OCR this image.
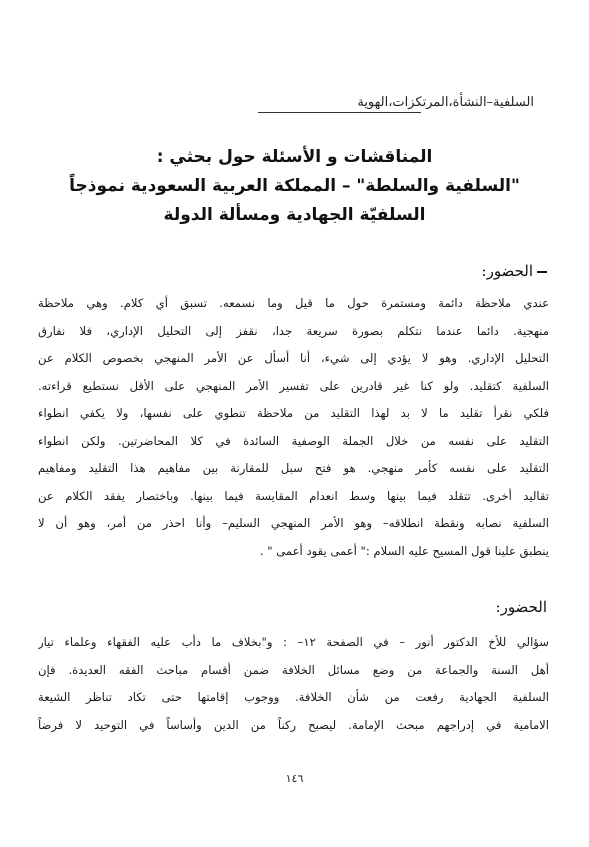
السلفية–النشأة،المرتكزات،الهوية
المناقشات و الأسئلة حول بحثي :
"السلفية والسلطة" – المملكة العربية السعودية نموذجاً
السلفيّة الجهادية ومسألة الدولة
الحضور:
عندي ملاحظة دائمة ومستمرة حول ما قيل وما نسمعه. تسبق أي كلام. وهي ملاحظة
منهجية. دائما عندما نتكلم بصورة سريعة جدا، نقفز إلى التحليل الإداري، فلا نفارق
التحليل الإداري. وهو لا يؤدي إلى شيء، أنا أسأل عن الأمر المنهجي بخصوص الكلام عن
السلفية كتقليد. ولو كنا غير قادرين على تفسير الأمر المنهجي على الأقل نستطيع قراءته.
فلكي نقرأ تقليد ما لا بد لهذا التقليد من ملاحظة تنطوي على نفسها، ولا يكفي انطواء
التقليد على نفسه من خلال الجملة الوصفية السائدة في كلا المحاضرتين. ولكن انطواء
التقليد على نفسه كأمر منهجي. هو فتح سبل للمقارنة بين مفاهيم هذا التقليد ومفاهيم
تقاليد أخرى. تتقلد فيما بينها وسط انعدام المقايسة فيما بينها. وباختصار يفقد الكلام عن
السلفية نصابه ونقطة انطلاقه– وهو الأمر المنهجي السليم– وأنا احذر من أمر، وهو أن لا
ينطبق علينا قول المسيح عليه السلام :" أعمى يقود أعمى " .
الحضور:
سؤالي للأخ الدكتور أنور – في الصفحة ١٢– : و"بخلاف ما دأب عليه الفقهاء وعلماء تيار
أهل السنة والجماعة من وضع مسائل الخلافة ضمن أقسام مباحث الفقه العديدة. فإن
السلفية الجهادية رفعت من شأن الخلافة. ووجوب إقامتها حتى تكاد تناظر الشيعة
الامامية في إدراجهم مبحث الإمامة. ليصبح ركناً من الدين وأساساً في التوحيد لا فرضاً
١٤٦
